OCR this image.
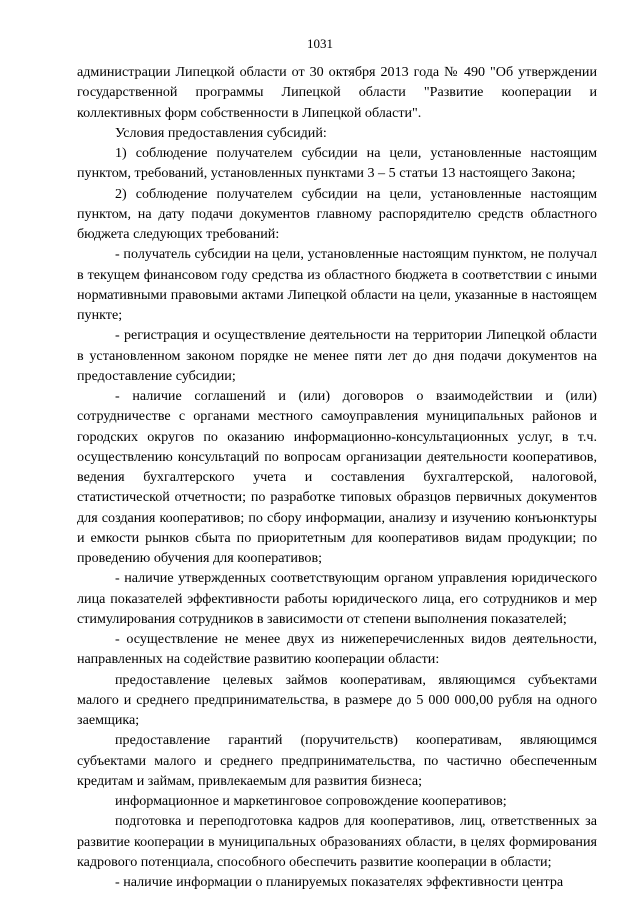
1031

администрации Липецкой области от 30 октября 2013 года № 490 "Об утверждении государственной программы Липецкой области "Развитие кооперации и коллективных форм собственности в Липецкой области".

Условия предоставления субсидий:

1) соблюдение получателем субсидии на цели, установленные настоящим пунктом, требований, установленных пунктами 3 – 5 статьи 13 настоящего Закона;

2) соблюдение получателем субсидии на цели, установленные настоящим пунктом, на дату подачи документов главному распорядителю средств областного бюджета следующих требований:

- получатель субсидии на цели, установленные настоящим пунктом, не получал в текущем финансовом году средства из областного бюджета в соответствии с иными нормативными правовыми актами Липецкой области на цели, указанные в настоящем пункте;

- регистрация и осуществление деятельности на территории Липецкой области в установленном законом порядке не менее пяти лет до дня подачи документов на предоставление субсидии;

- наличие соглашений и (или) договоров о взаимодействии и (или) сотрудничестве с органами местного самоуправления муниципальных районов и городских округов по оказанию информационно-консультационных услуг, в т.ч. осуществлению консультаций по вопросам организации деятельности кооперативов, ведения бухгалтерского учета и составления бухгалтерской, налоговой, статистической отчетности; по разработке типовых образцов первичных документов для создания кооперативов; по сбору информации, анализу и изучению конъюнктуры и емкости рынков сбыта по приоритетным для кооперативов видам продукции; по проведению обучения для кооперативов;

- наличие утвержденных соответствующим органом управления юридического лица показателей эффективности работы юридического лица, его сотрудников и мер стимулирования сотрудников в зависимости от степени выполнения показателей;

- осуществление не менее двух из нижеперечисленных видов деятельности, направленных на содействие развитию кооперации области:

предоставление целевых займов кооперативам, являющимся субъектами малого и среднего предпринимательства, в размере до 5 000 000,00 рубля на одного заемщика;

предоставление гарантий (поручительств) кооперативам, являющимся субъектами малого и среднего предпринимательства, по частично обеспеченным кредитам и займам, привлекаемым для развития бизнеса;

информационное и маркетинговое сопровождение кооперативов;

подготовка и переподготовка кадров для кооперативов, лиц, ответственных за развитие кооперации в муниципальных образованиях области, в целях формирования кадрового потенциала, способного обеспечить развитие кооперации в области;

- наличие информации о планируемых показателях эффективности центра
